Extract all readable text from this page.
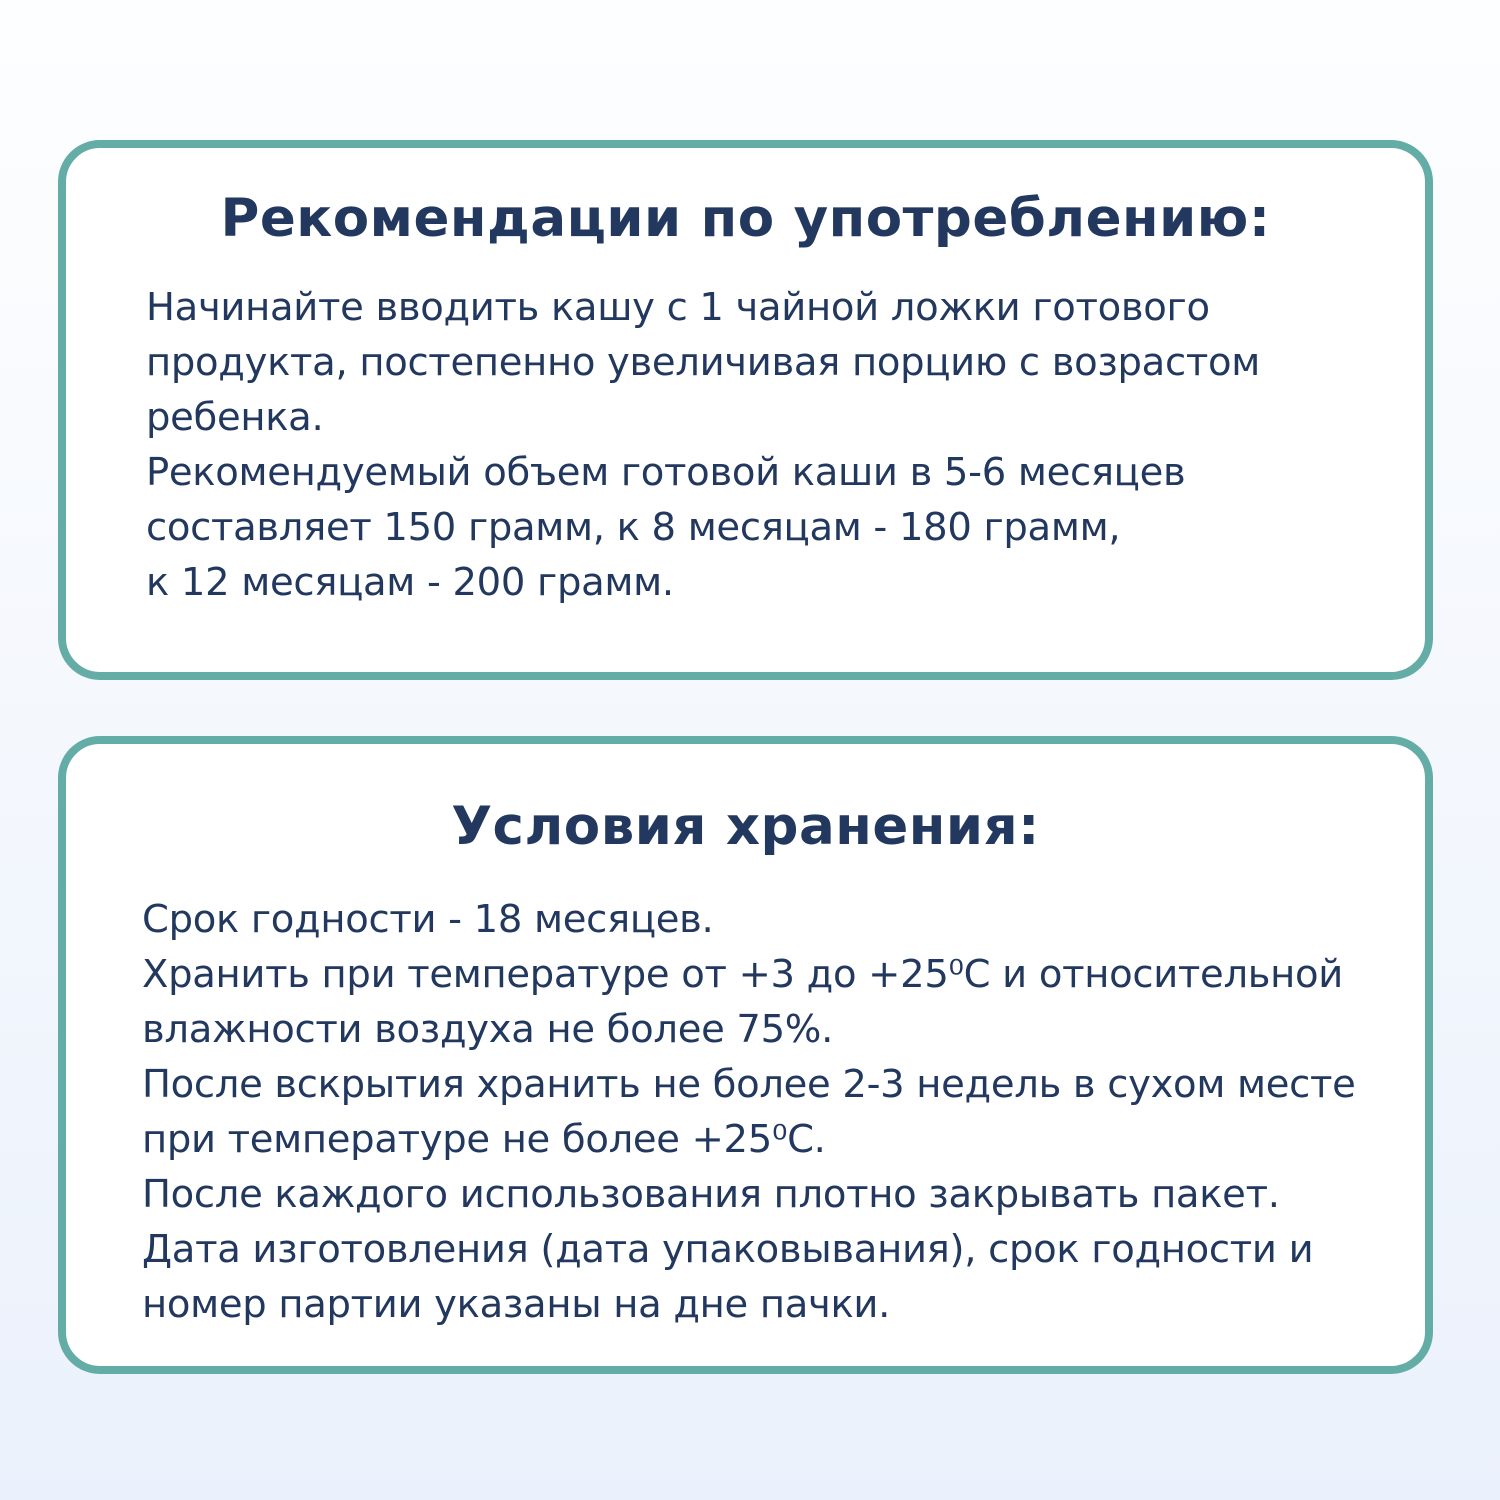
Рекомендации по употреблению:
Начинайте вводить кашу с 1 чайной ложки готового
продукта, постепенно увеличивая порцию с возрастом
ребенка.
Рекомендуемый объем готовой каши в 5-6 месяцев
составляет 150 грамм, к 8 месяцам - 180 грамм,
к 12 месяцам - 200 грамм.
Условия хранения:
Срок годности - 18 месяцев.
Хранить при температуре от +3 до +25⁰С и относительной
влажности воздуха не более 75%.
После вскрытия хранить не более 2-3 недель в сухом месте
при температуре не более +25⁰С.
После каждого использования плотно закрывать пакет.
Дата изготовления (дата упаковывания), срок годности и
номер партии указаны на дне пачки.
